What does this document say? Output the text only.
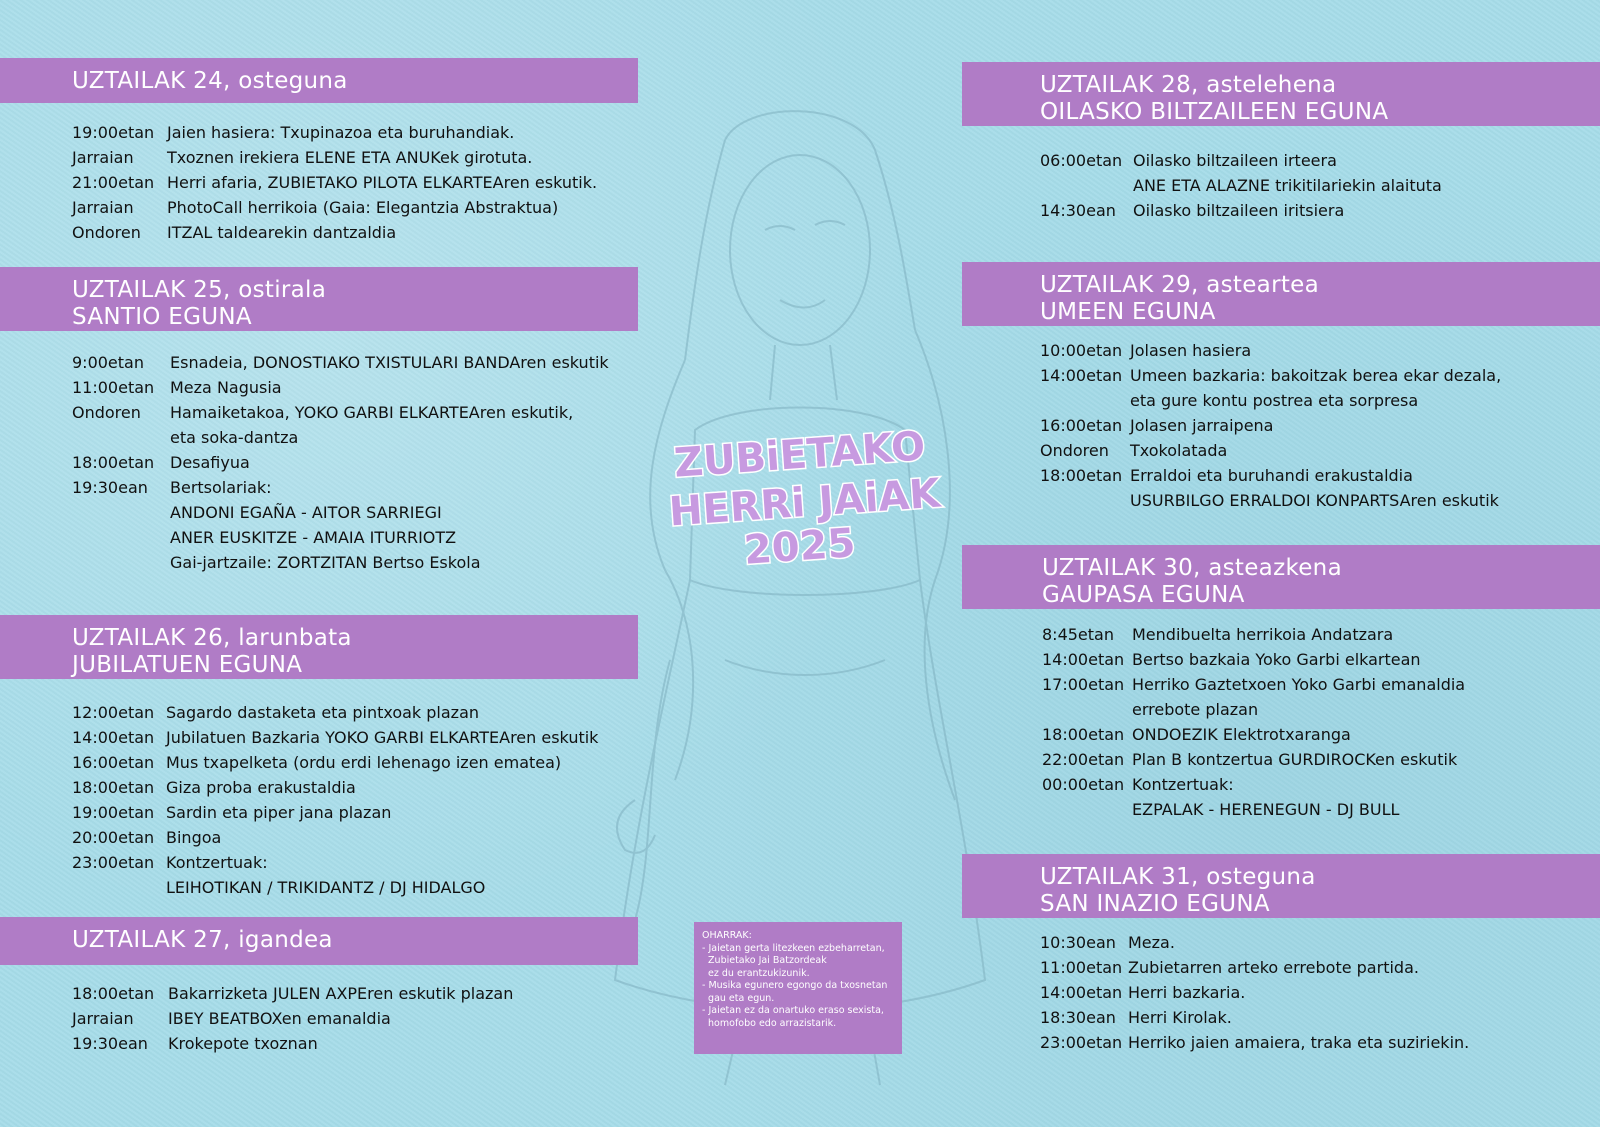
UZTAILAK 24, osteguna
UZTAILAK 25, ostirala
SANTIO EGUNA
UZTAILAK 26, larunbata
JUBILATUEN EGUNA
UZTAILAK 27, igandea
UZTAILAK 28, astelehena
OILASKO BILTZAILEEN EGUNA
UZTAILAK 29, asteartea
UMEEN EGUNA
UZTAILAK 30, asteazkena
GAUPASA EGUNA
UZTAILAK 31, osteguna
SAN INAZIO EGUNA
19:00etan Jaien hasiera: Txupinazoa eta buruhandiak.
Jarraian Txoznen irekiera ELENE ETA ANUKek girotuta.
21:00etan Herri afaria, ZUBIETAKO PILOTA ELKARTEAren eskutik.
Jarraian PhotoCall herrikoia (Gaia: Elegantzia Abstraktua)
Ondoren ITZAL taldearekin dantzaldia
9:00etan Esnadeia, DONOSTIAKO TXISTULARI BANDAren eskutik
11:00etan Meza Nagusia
Ondoren Hamaiketakoa, YOKO GARBI ELKARTEAren eskutik,
eta soka-dantza
18:00etan Desafiyua
19:30ean Bertsolariak:
ANDONI EGAÑA - AITOR SARRIEGI
ANER EUSKITZE - AMAIA ITURRIOTZ
Gai-jartzaile: ZORTZITAN Bertso Eskola
12:00etan Sagardo dastaketa eta pintxoak plazan
14:00etan Jubilatuen Bazkaria YOKO GARBI ELKARTEAren eskutik
16:00etan Mus txapelketa (ordu erdi lehenago izen ematea)
18:00etan Giza proba erakustaldia
19:00etan Sardin eta piper jana plazan
20:00etan Bingoa
23:00etan Kontzertuak:
LEIHOTIKAN / TRIKIDANTZ / DJ HIDALGO
18:00etan Bakarrizketa JULEN AXPEren eskutik plazan
Jarraian IBEY BEATBOXen emanaldia
19:30ean Krokepote txoznan
06:00etan Oilasko biltzaileen irteera
ANE ETA ALAZNE trikitilariekin alaituta
14:30ean Oilasko biltzaileen iritsiera
10:00etan Jolasen hasiera
14:00etan Umeen bazkaria: bakoitzak berea ekar dezala,
eta gure kontu postrea eta sorpresa
16:00etan Jolasen jarraipena
Ondoren Txokolatada
18:00etan Erraldoi eta buruhandi erakustaldia
USURBILGO ERRALDOI KONPARTSAren eskutik
8:45etan Mendibuelta herrikoia Andatzara
14:00etan Bertso bazkaia Yoko Garbi elkartean
17:00etan Herriko Gaztetxoen Yoko Garbi emanaldia
errebote plazan
18:00etan ONDOEZIK Elektrotxaranga
22:00etan Plan B kontzertua GURDIROCKen eskutik
00:00etan Kontzertuak:
EZPALAK - HERENEGUN - DJ BULL
10:30ean Meza.
11:00etan Zubietarren arteko errebote partida.
14:00etan Herri bazkaria.
18:30ean Herri Kirolak.
23:00etan Herriko jaien amaiera, traka eta suziriekin.
ZUBiETAKO
HERRi JAiAK
2025
OHARRAK:
- Jaietan gerta litezkeen ezbeharretan,
Zubietako Jai Batzordeak
ez du erantzukizunik.
- Musika egunero egongo da txosnetan
gau eta egun.
- Jaietan ez da onartuko eraso sexista,
homofobo edo arrazistarik.
